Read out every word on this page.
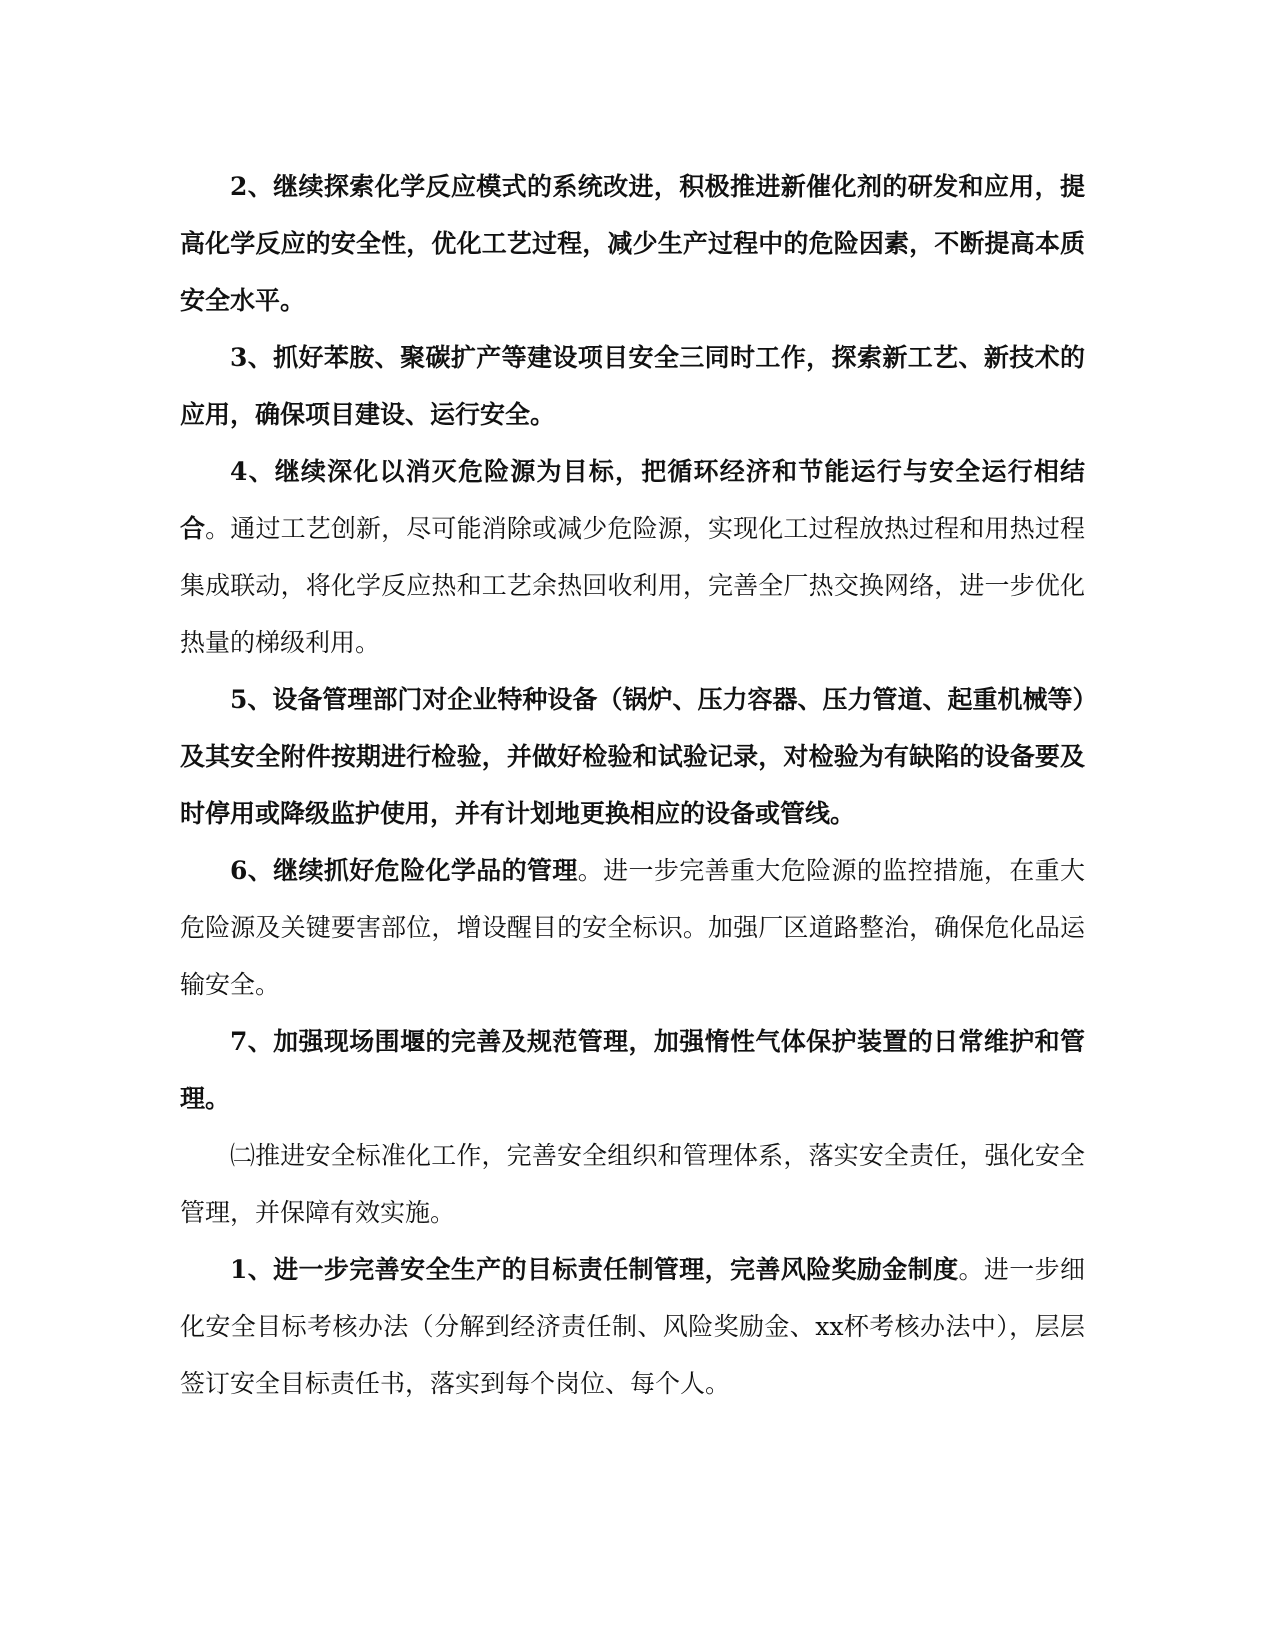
2、继续探索化学反应模式的系统改进，积极推进新催化剂的研发和应用，提高化学反应的安全性，优化工艺过程，减少生产过程中的危险因素，不断提高本质安全水平。

3、抓好苯胺、聚碳扩产等建设项目安全三同时工作，探索新工艺、新技术的应用，确保项目建设、运行安全。

4、继续深化以消灭危险源为目标，把循环经济和节能运行与安全运行相结合。通过工艺创新，尽可能消除或减少危险源，实现化工过程放热过程和用热过程集成联动，将化学反应热和工艺余热回收利用，完善全厂热交换网络，进一步优化热量的梯级利用。

5、设备管理部门对企业特种设备（锅炉、压力容器、压力管道、起重机械等）及其安全附件按期进行检验，并做好检验和试验记录，对检验为有缺陷的设备要及时停用或降级监护使用，并有计划地更换相应的设备或管线。

6、继续抓好危险化学品的管理。进一步完善重大危险源的监控措施，在重大危险源及关键要害部位，增设醒目的安全标识。加强厂区道路整治，确保危化品运输安全。

7、加强现场围堰的完善及规范管理，加强惰性气体保护装置的日常维护和管理。

㈡推进安全标准化工作，完善安全组织和管理体系，落实安全责任，强化安全管理，并保障有效实施。

1、进一步完善安全生产的目标责任制管理，完善风险奖励金制度。进一步细化安全目标考核办法（分解到经济责任制、风险奖励金、xx杯考核办法中），层层签订安全目标责任书，落实到每个岗位、每个人。
